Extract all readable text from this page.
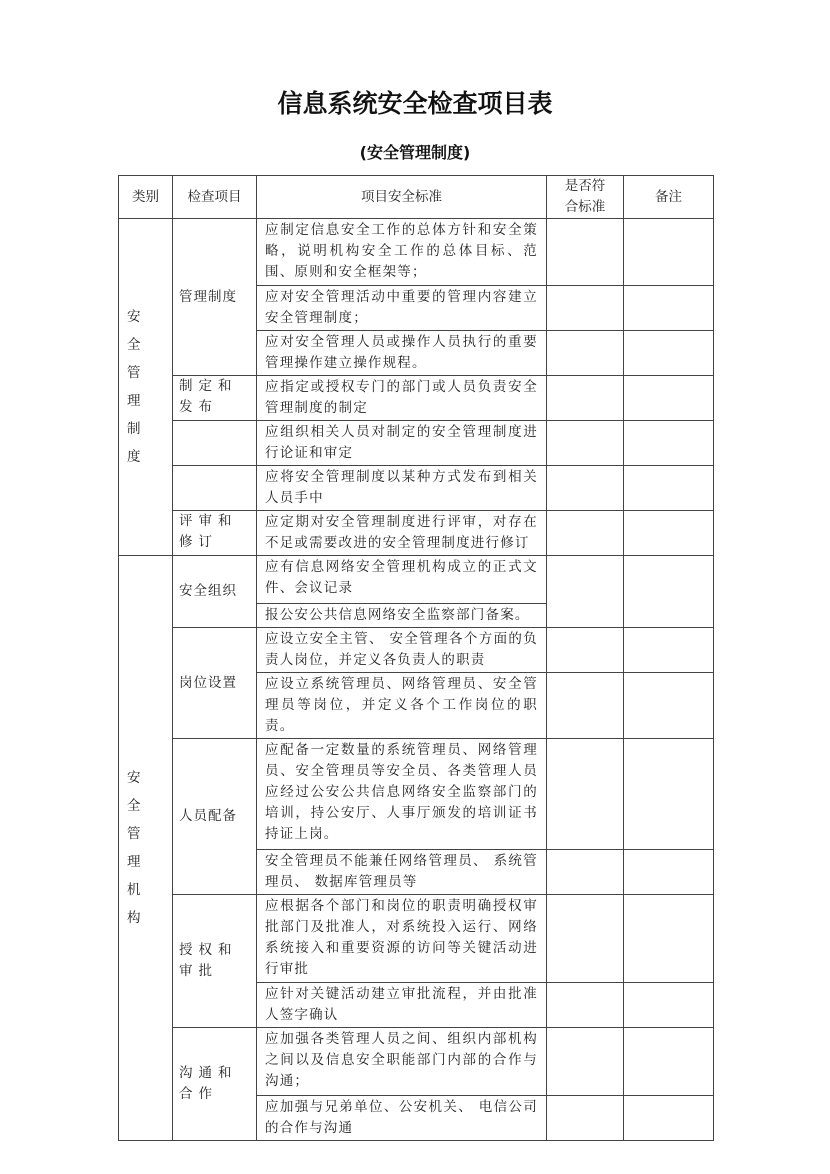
信息系统安全检查项目表
(安全管理制度)
类别	检查项目	项目安全标准	是否符合标准	备注
安全管理制度	管理制度	应制定信息安全工作的总体方针和安全策略，说明机构安全工作的总体目标、范围、原则和安全框架等；		
		应对安全管理活动中重要的管理内容建立安全管理制度；		
		应对安全管理人员或操作人员执行的重要管理操作建立操作规程。		
	制定和发布	应指定或授权专门的部门或人员负责安全管理制度的制定		
		应组织相关人员对制定的安全管理制度进行论证和审定		
		应将安全管理制度以某种方式发布到相关人员手中		
	评审和修订	应定期对安全管理制度进行评审，对存在不足或需要改进的安全管理制度进行修订		
安全管理机构	安全组织	应有信息网络安全管理机构成立的正式文件、会议记录		
		报公安公共信息网络安全监察部门备案。		
	岗位设置	应设立安全主管、 安全管理各个方面的负责人岗位，并定义各负责人的职责		
		应设立系统管理员、网络管理员、安全管理员等岗位，并定义各个工作岗位的职责。		
	人员配备	应配备一定数量的系统管理员、网络管理员、安全管理员等安全员、各类管理人员应经过公安公共信息网络安全监察部门的培训，持公安厅、人事厅颁发的培训证书持证上岗。		
		安全管理员不能兼任网络管理员、 系统管理员、 数据库管理员等		
	授权和审批	应根据各个部门和岗位的职责明确授权审批部门及批准人，对系统投入运行、网络系统接入和重要资源的访问等关键活动进行审批		
		应针对关键活动建立审批流程，并由批准人签字确认		
	沟通和合作	应加强各类管理人员之间、组织内部机构之间以及信息安全职能部门内部的合作与沟通；		
		应加强与兄弟单位、公安机关、 电信公司的合作与沟通		
